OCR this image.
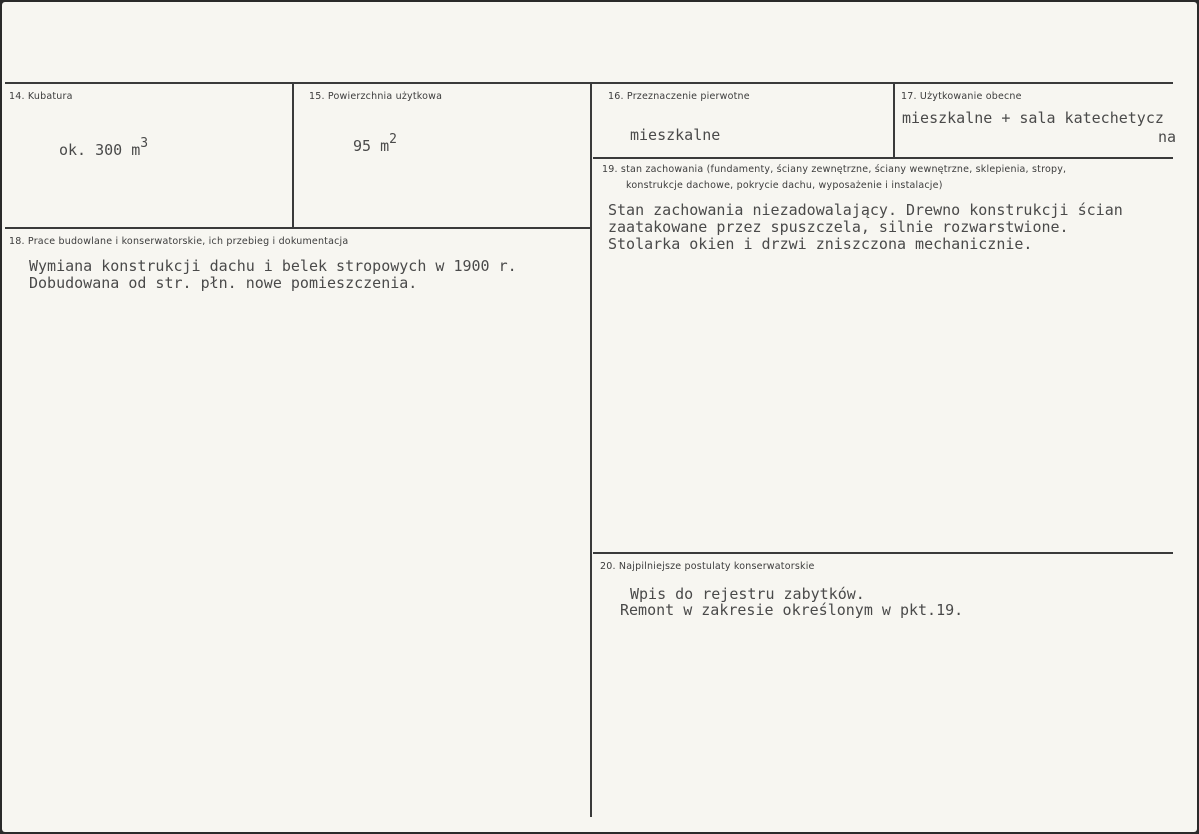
14. Kubatura
ok. 300 m3
15. Powierzchnia użytkowa
95 m2
16. Przeznaczenie pierwotne
mieszkalne
17. Użytkowanie obecne
mieszkalne + sala katechetycz
na
18. Prace budowlane i konserwatorskie, ich przebieg i dokumentacja
Wymiana konstrukcji dachu i belek stropowych w 1900 r.
Dobudowana od str. płn. nowe pomieszczenia.
19. stan zachowania (fundamenty, ściany zewnętrzne, ściany wewnętrzne, sklepienia, stropy,
konstrukcje dachowe, pokrycie dachu, wyposażenie i instalacje)
Stan zachowania niezadowalający. Drewno konstrukcji ścian
zaatakowane przez spuszczela, silnie rozwarstwione.
Stolarka okien i drzwi zniszczona mechanicznie.
20. Najpilniejsze postulaty konserwatorskie
Wpis do rejestru zabytków.
Remont w zakresie określonym w pkt.19.
